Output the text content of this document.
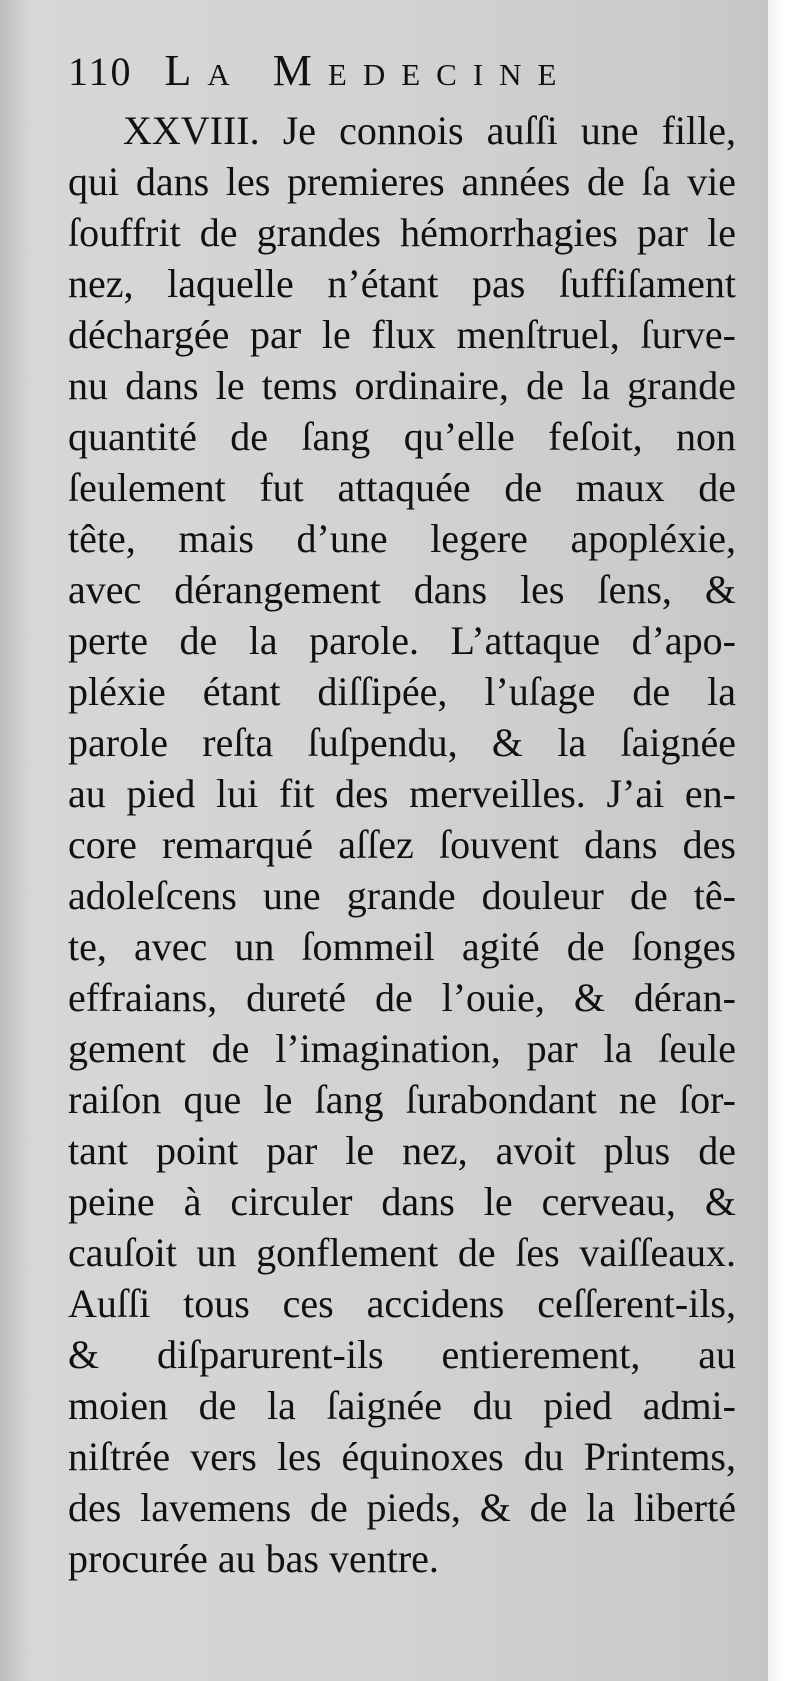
110 La Medecine
XXVIII. Je connois auſſi une fille,
qui dans les premieres années de ſa vie
ſouffrit de grandes hémorrhagies par le
nez, laquelle n’étant pas ſuffiſament
déchargée par le flux menſtruel, ſurve-
nu dans le tems ordinaire, de la grande
quantité de ſang qu’elle feſoit, non
ſeulement fut attaquée de maux de
tête, mais d’une legere apopléxie,
avec dérangement dans les ſens, &
perte de la parole. L’attaque d’apo-
pléxie étant diſſipée, l’uſage de la
parole reſta ſuſpendu, & la ſaignée
au pied lui fit des merveilles. J’ai en-
core remarqué aſſez ſouvent dans des
adoleſcens une grande douleur de tê-
te, avec un ſommeil agité de ſonges
effraians, dureté de l’ouie, & déran-
gement de l’imagination, par la ſeule
raiſon que le ſang ſurabondant ne ſor-
tant point par le nez, avoit plus de
peine à circuler dans le cerveau, &
cauſoit un gonflement de ſes vaiſſeaux.
Auſſi tous ces accidens ceſſerent-ils,
& diſparurent-ils entierement, au
moien de la ſaignée du pied admi-
niſtrée vers les équinoxes du Printems,
des lavemens de pieds, & de la liberté
procurée au bas ventre.
